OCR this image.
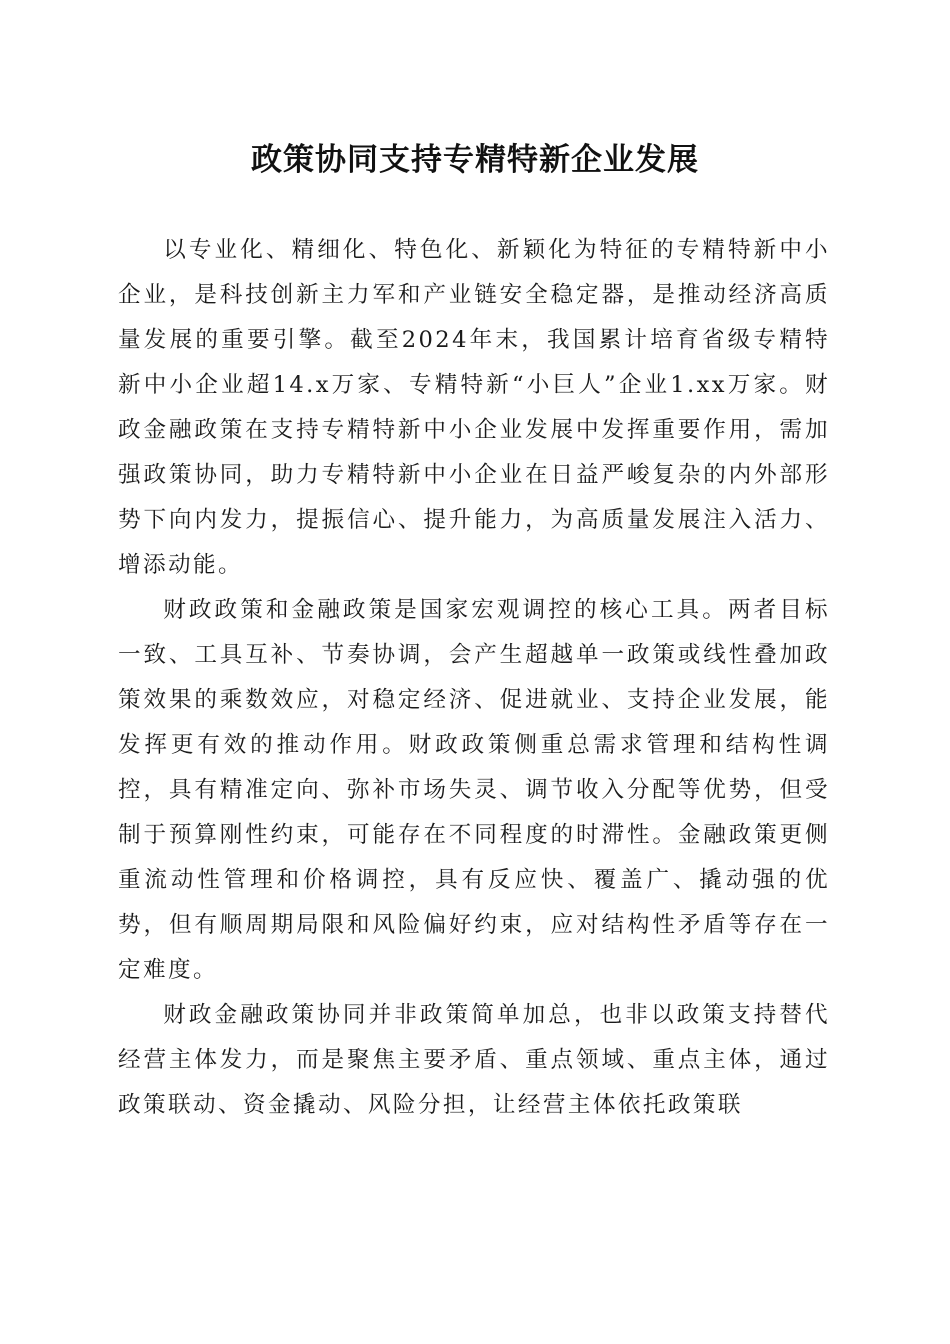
政策协同支持专精特新企业发展

以专业化、精细化、特色化、新颖化为特征的专精特新中小企业，是科技创新主力军和产业链安全稳定器，是推动经济高质量发展的重要引擎。截至2024年末，我国累计培育省级专精特新中小企业超14.x万家、专精特新“小巨人”企业1.xx万家。财政金融政策在支持专精特新中小企业发展中发挥重要作用，需加强政策协同，助力专精特新中小企业在日益严峻复杂的内外部形势下向内发力，提振信心、提升能力，为高质量发展注入活力、增添动能。

财政政策和金融政策是国家宏观调控的核心工具。两者目标一致、工具互补、节奏协调，会产生超越单一政策或线性叠加政策效果的乘数效应，对稳定经济、促进就业、支持企业发展，能发挥更有效的推动作用。财政政策侧重总需求管理和结构性调控，具有精准定向、弥补市场失灵、调节收入分配等优势，但受制于预算刚性约束，可能存在不同程度的时滞性。金融政策更侧重流动性管理和价格调控，具有反应快、覆盖广、撬动强的优势，但有顺周期局限和风险偏好约束，应对结构性矛盾等存在一定难度。

财政金融政策协同并非政策简单加总，也非以政策支持替代经营主体发力，而是聚焦主要矛盾、重点领域、重点主体，通过政策联动、资金撬动、风险分担，让经营主体依托政策联
